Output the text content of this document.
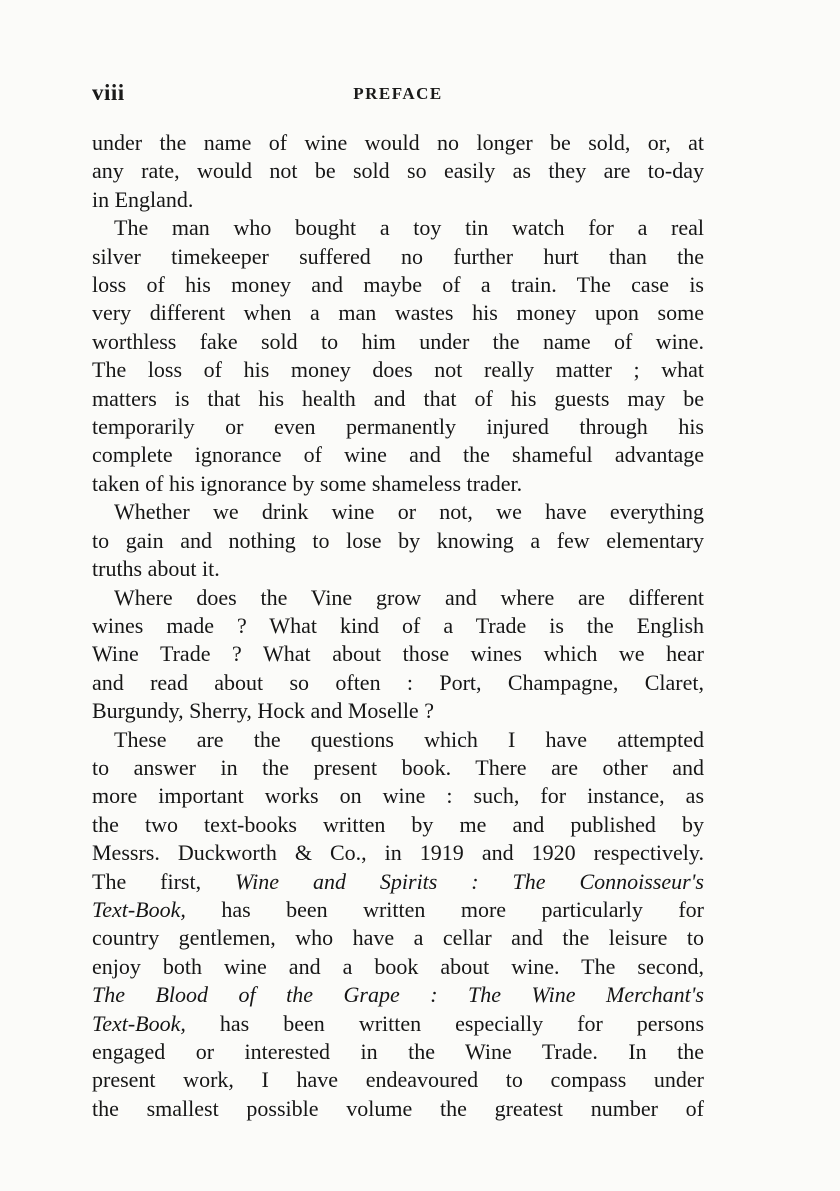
viii	PREFACE
under the name of wine would no longer be sold, or, at
any rate, would not be sold so easily as they are to-day
in England.
The man who bought a toy tin watch for a real
silver timekeeper suffered no further hurt than the
loss of his money and maybe of a train. The case is
very different when a man wastes his money upon some
worthless fake sold to him under the name of wine.
The loss of his money does not really matter ; what
matters is that his health and that of his guests may be
temporarily or even permanently injured through his
complete ignorance of wine and the shameful advantage
taken of his ignorance by some shameless trader.
Whether we drink wine or not, we have everything
to gain and nothing to lose by knowing a few elementary
truths about it.
Where does the Vine grow and where are different
wines made ? What kind of a Trade is the English
Wine Trade ? What about those wines which we hear
and read about so often : Port, Champagne, Claret,
Burgundy, Sherry, Hock and Moselle ?
These are the questions which I have attempted
to answer in the present book. There are other and
more important works on wine : such, for instance, as
the two text-books written by me and published by
Messrs. Duckworth & Co., in 1919 and 1920 respectively.
The first, Wine and Spirits : The Connoisseur's
Text-Book, has been written more particularly for
country gentlemen, who have a cellar and the leisure to
enjoy both wine and a book about wine. The second,
The Blood of the Grape : The Wine Merchant's
Text-Book, has been written especially for persons
engaged or interested in the Wine Trade. In the
present work, I have endeavoured to compass under
the smallest possible volume the greatest number of
